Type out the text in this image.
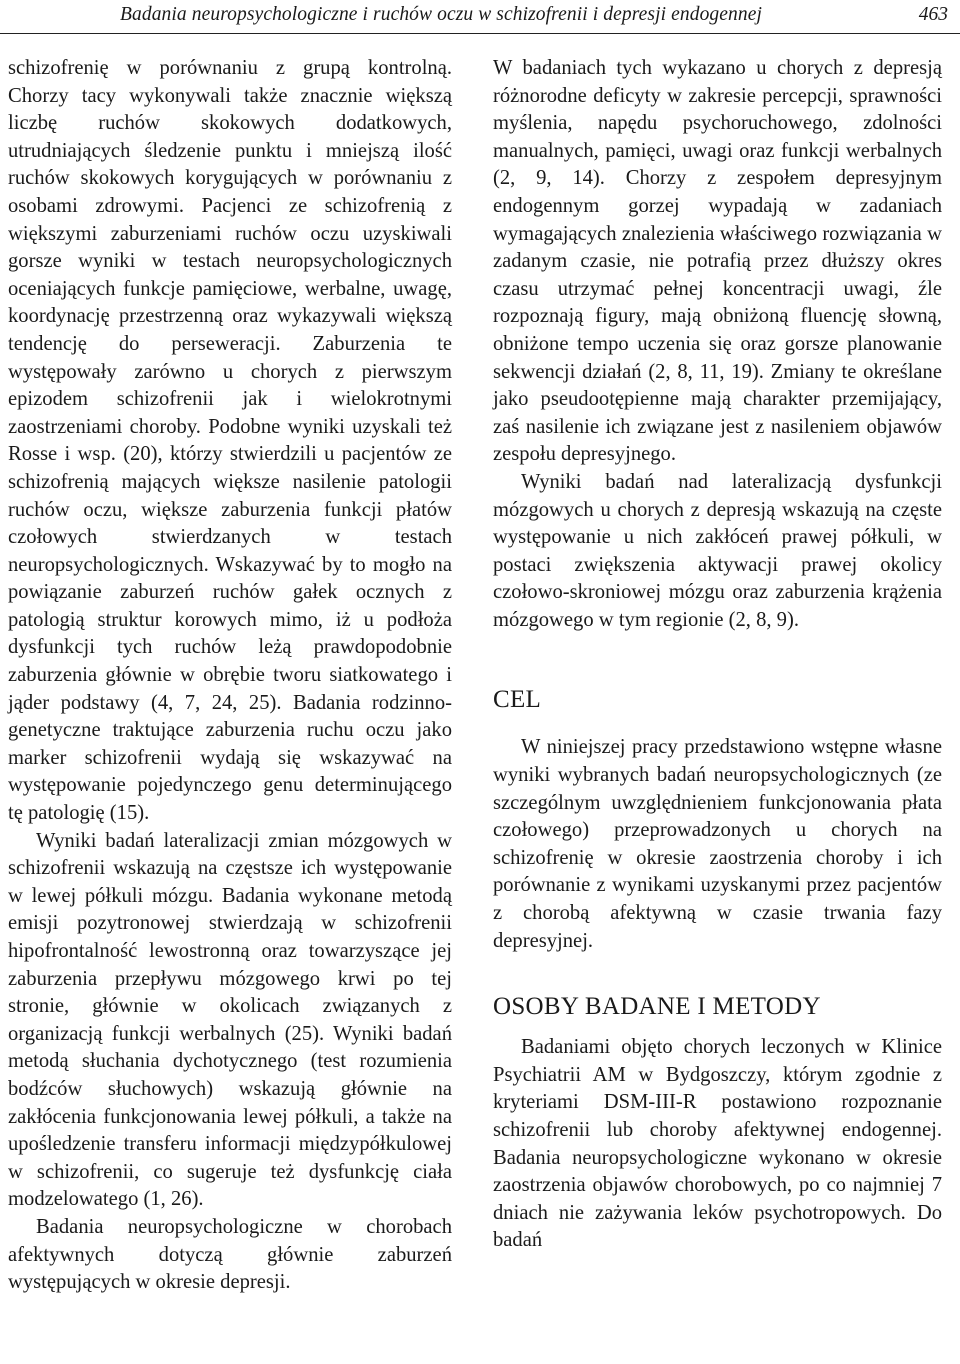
Badania neuropsychologiczne i ruchów oczu w schizofrenii i depresji endogennej	463

schizofrenię w porównaniu z grupą kontrolną. Chorzy tacy wykonywali także znacznie większą liczbę ruchów skokowych dodatkowych, utrudniających śledzenie punktu i mniejszą ilość ruchów skokowych korygujących w porównaniu z osobami zdrowymi. Pacjenci ze schizofrenią z większymi zaburzeniami ruchów oczu uzyskiwali gorsze wyniki w testach neuropsychologicznych oceniających funkcje pamięciowe, werbalne, uwagę, koordynację przestrzenną oraz wykazywali większą tendencję do perseweracji. Zaburzenia te występowały zarówno u chorych z pierwszym epizodem schizofrenii jak i wielokrotnymi zaostrzeniami choroby. Podobne wyniki uzyskali też Rosse i wsp. (20), którzy stwierdzili u pacjentów ze schizofrenią mających większe nasilenie patologii ruchów oczu, większe zaburzenia funkcji płatów czołowych stwierdzanych w testach neuropsychologicznych. Wskazywać by to mogło na powiązanie zaburzeń ruchów gałek ocznych z patologią struktur korowych mimo, iż u podłoża dysfunkcji tych ruchów leżą prawdopodobnie zaburzenia głównie w obrębie tworu siatkowatego i jąder podstawy (4, 7, 24, 25). Badania rodzinno-genetyczne traktujące zaburzenia ruchu oczu jako marker schizofrenii wydają się wskazywać na występowanie pojedynczego genu determinującego tę patologię (15).

Wyniki badań lateralizacji zmian mózgowych w schizofrenii wskazują na częstsze ich występowanie w lewej półkuli mózgu. Badania wykonane metodą emisji pozytronowej stwierdzają w schizofrenii hipofrontalność lewostronną oraz towarzyszące jej zaburzenia przepływu mózgowego krwi po tej stronie, głównie w okolicach związanych z organizacją funkcji werbalnych (25). Wyniki badań metodą słuchania dychotycznego (test rozumienia bodźców słuchowych) wskazują głównie na zakłócenia funkcjonowania lewej półkuli, a także na upośledzenie transferu informacji międzypółkulowej w schizofrenii, co sugeruje też dysfunkcję ciała modzelowatego (1, 26).

Badania neuropsychologiczne w chorobach afektywnych dotyczą głównie zaburzeń występujących w okresie depresji.

W badaniach tych wykazano u chorych z depresją różnorodne deficyty w zakresie percepcji, sprawności myślenia, napędu psychoruchowego, zdolności manualnych, pamięci, uwagi oraz funkcji werbalnych (2, 9, 14). Chorzy z zespołem depresyjnym endogennym gorzej wypadają w zadaniach wymagających znalezienia właściwego rozwiązania w zadanym czasie, nie potrafią przez dłuższy okres czasu utrzymać pełnej koncentracji uwagi, źle rozpoznają figury, mają obniżoną fluencję słowną, obniżone tempo uczenia się oraz gorsze planowanie sekwencji działań (2, 8, 11, 19). Zmiany te określane jako pseudootępienne mają charakter przemijający, zaś nasilenie ich związane jest z nasileniem objawów zespołu depresyjnego.

Wyniki badań nad lateralizacją dysfunkcji mózgowych u chorych z depresją wskazują na częste występowanie u nich zakłóceń prawej półkuli, w postaci zwiększenia aktywacji prawej okolicy czołowo-skroniowej mózgu oraz zaburzenia krążenia mózgowego w tym regionie (2, 8, 9).

CEL

W niniejszej pracy przedstawiono wstępne własne wyniki wybranych badań neuropsychologicznych (ze szczególnym uwzględnieniem funkcjonowania płata czołowego) przeprowadzonych u chorych na schizofrenię w okresie zaostrzenia choroby i ich porównanie z wynikami uzyskanymi przez pacjentów z chorobą afektywną w czasie trwania fazy depresyjnej.

OSOBY BADANE I METODY

Badaniami objęto chorych leczonych w Klinice Psychiatrii AM w Bydgoszczy, którym zgodnie z kryteriami DSM-III-R postawiono rozpoznanie schizofrenii lub choroby afektywnej endogennej. Badania neuropsychologiczne wykonano w okresie zaostrzenia objawów chorobowych, po co najmniej 7 dniach nie zażywania leków psychotropowych. Do badań
